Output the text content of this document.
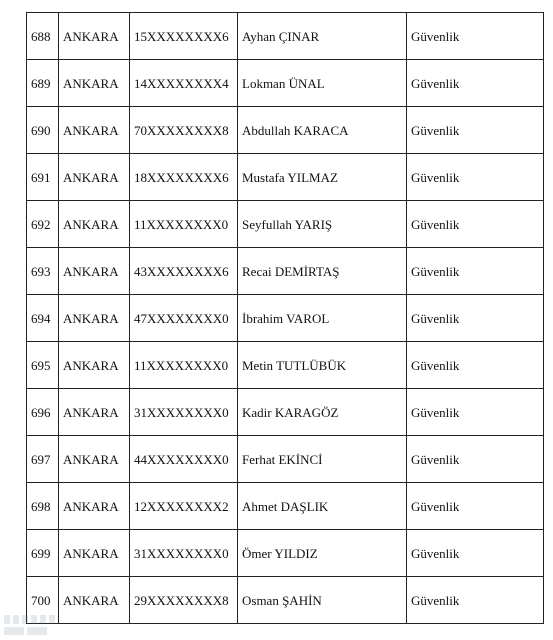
688	ANKARA	15XXXXXXXX6	Ayhan ÇINAR	Güvenlik
689	ANKARA	14XXXXXXXX4	Lokman ÜNAL	Güvenlik
690	ANKARA	70XXXXXXXX8	Abdullah KARACA	Güvenlik
691	ANKARA	18XXXXXXXX6	Mustafa YILMAZ	Güvenlik
692	ANKARA	11XXXXXXXX0	Seyfullah YARIŞ	Güvenlik
693	ANKARA	43XXXXXXXX6	Recai DEMİRTAŞ	Güvenlik
694	ANKARA	47XXXXXXXX0	İbrahim VAROL	Güvenlik
695	ANKARA	11XXXXXXXX0	Metin TUTLÜBÜK	Güvenlik
696	ANKARA	31XXXXXXXX0	Kadir KARAGÖZ	Güvenlik
697	ANKARA	44XXXXXXXX0	Ferhat EKİNCİ	Güvenlik
698	ANKARA	12XXXXXXXX2	Ahmet DAŞLIK	Güvenlik
699	ANKARA	31XXXXXXXX0	Ömer YILDIZ	Güvenlik
700	ANKARA	29XXXXXXXX8	Osman ŞAHİN	Güvenlik
